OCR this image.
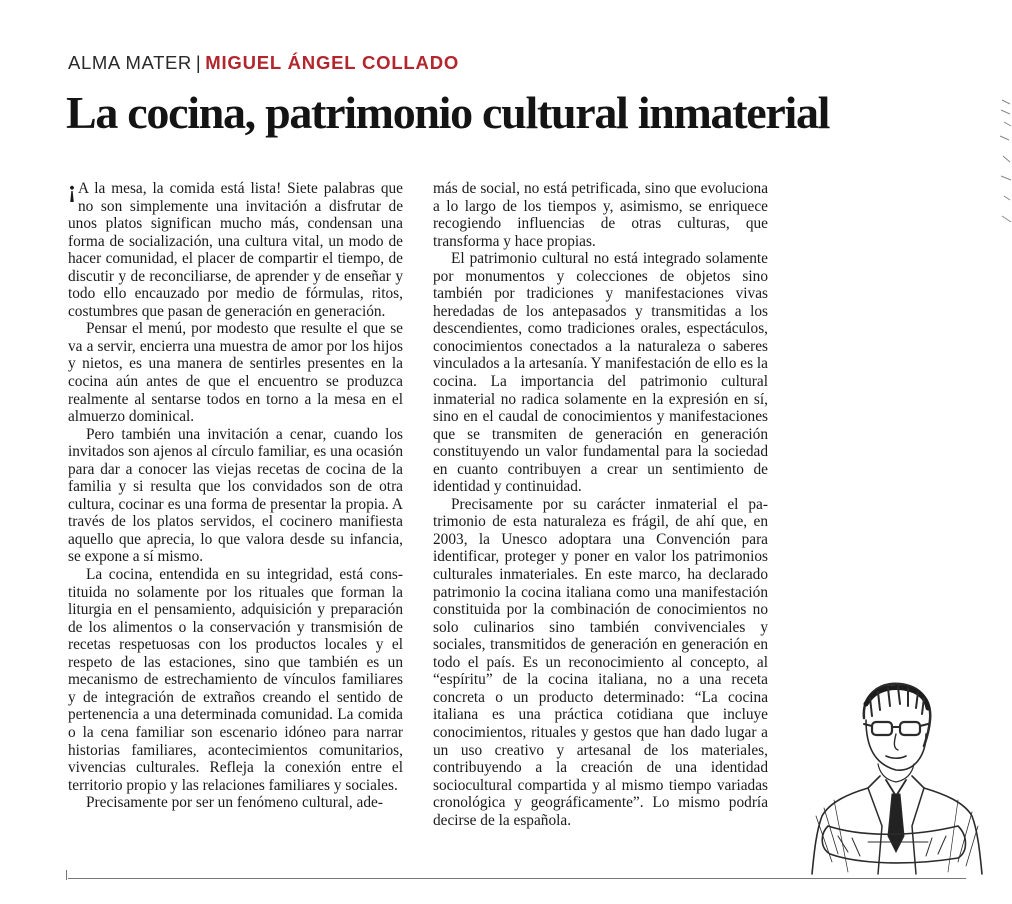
ALMA MATER | MIGUEL ÁNGEL COLLADO
La cocina, patrimonio cultural inmaterial

¡ A la mesa, la comida está lista! Siete palabras que no son simplemente una invitación a disfrutar de unos platos significan mucho más, condensan una forma de socialización, una cultura vital, un modo de hacer comunidad, el placer de compartir el tiempo, de discutir y de reconciliarse, de aprender y de enseñar y todo ello encauzado por medio de fórmulas, ritos, costumbres que pasan de generación en generación.

Pensar el menú, por modesto que resulte el que se va a servir, encierra una muestra de amor por los hijos y nietos, es una manera de sentirles presentes en la cocina aún antes de que el encuentro se produzca realmente al sentarse todos en torno a la mesa en el almuerzo dominical.

Pero también una invitación a cenar, cuando los invitados son ajenos al círculo familiar, es una ocasión para dar a conocer las viejas recetas de cocina de la familia y si resulta que los convidados son de otra cultura, cocinar es una forma de presentar la propia. A través de los platos servidos, el cocinero manifiesta aquello que aprecia, lo que valora desde su infancia, se expone a sí mismo.

La cocina, entendida en su integridad, está constituida no solamente por los rituales que forman la liturgia en el pensamiento, adquisición y preparación de los alimentos o la conservación y transmisión de recetas respetuosas con los productos locales y el respeto de las estaciones, sino que también es un mecanismo de estrechamiento de vínculos familiares y de integración de extraños creando el sentido de pertenencia a una determinada comunidad. La comida o la cena familiar son escenario idóneo para narrar historias familiares, acontecimientos comunitarios, vivencias culturales. Refleja la conexión entre el territorio propio y las relaciones familiares y sociales.

Precisamente por ser un fenómeno cultural, ade-

más de social, no está petrificada, sino que evoluciona a lo largo de los tiempos y, asimismo, se enriquece recogiendo influencias de otras culturas, que transforma y hace propias.

El patrimonio cultural no está integrado solamente por monumentos y colecciones de objetos sino también por tradiciones y manifestaciones vivas heredadas de los antepasados y transmitidas a los descendientes, como tradiciones orales, espectáculos, conocimientos conectados a la naturaleza o saberes vinculados a la artesanía. Y manifestación de ello es la cocina. La importancia del patrimonio cultural inmaterial no radica solamente en la expresión en sí, sino en el caudal de conocimientos y manifestaciones que se transmiten de generación en generación constituyendo un valor fundamental para la sociedad en cuanto contribuyen a crear un sentimiento de identidad y continuidad.

Precisamente por su carácter inmaterial el patrimonio de esta naturaleza es frágil, de ahí que, en 2003, la Unesco adoptara una Convención para identificar, proteger y poner en valor los patrimonios culturales inmateriales. En este marco, ha declarado patrimonio la cocina italiana como una manifestación constituida por la combinación de conocimientos no solo culinarios sino también convivenciales y sociales, transmitidos de generación en generación en todo el país. Es un reconocimiento al concepto, al “espíritu” de la cocina italiana, no a una receta concreta o un producto determinado: “La cocina italiana es una práctica cotidiana que incluye conocimientos, rituales y gestos que han dado lugar a un uso creativo y artesanal de los materiales, contribuyendo a la creación de una identidad sociocultural compartida y al mismo tiempo variadas cronológica y geográficamente”. Lo mismo podría decirse de la española.
